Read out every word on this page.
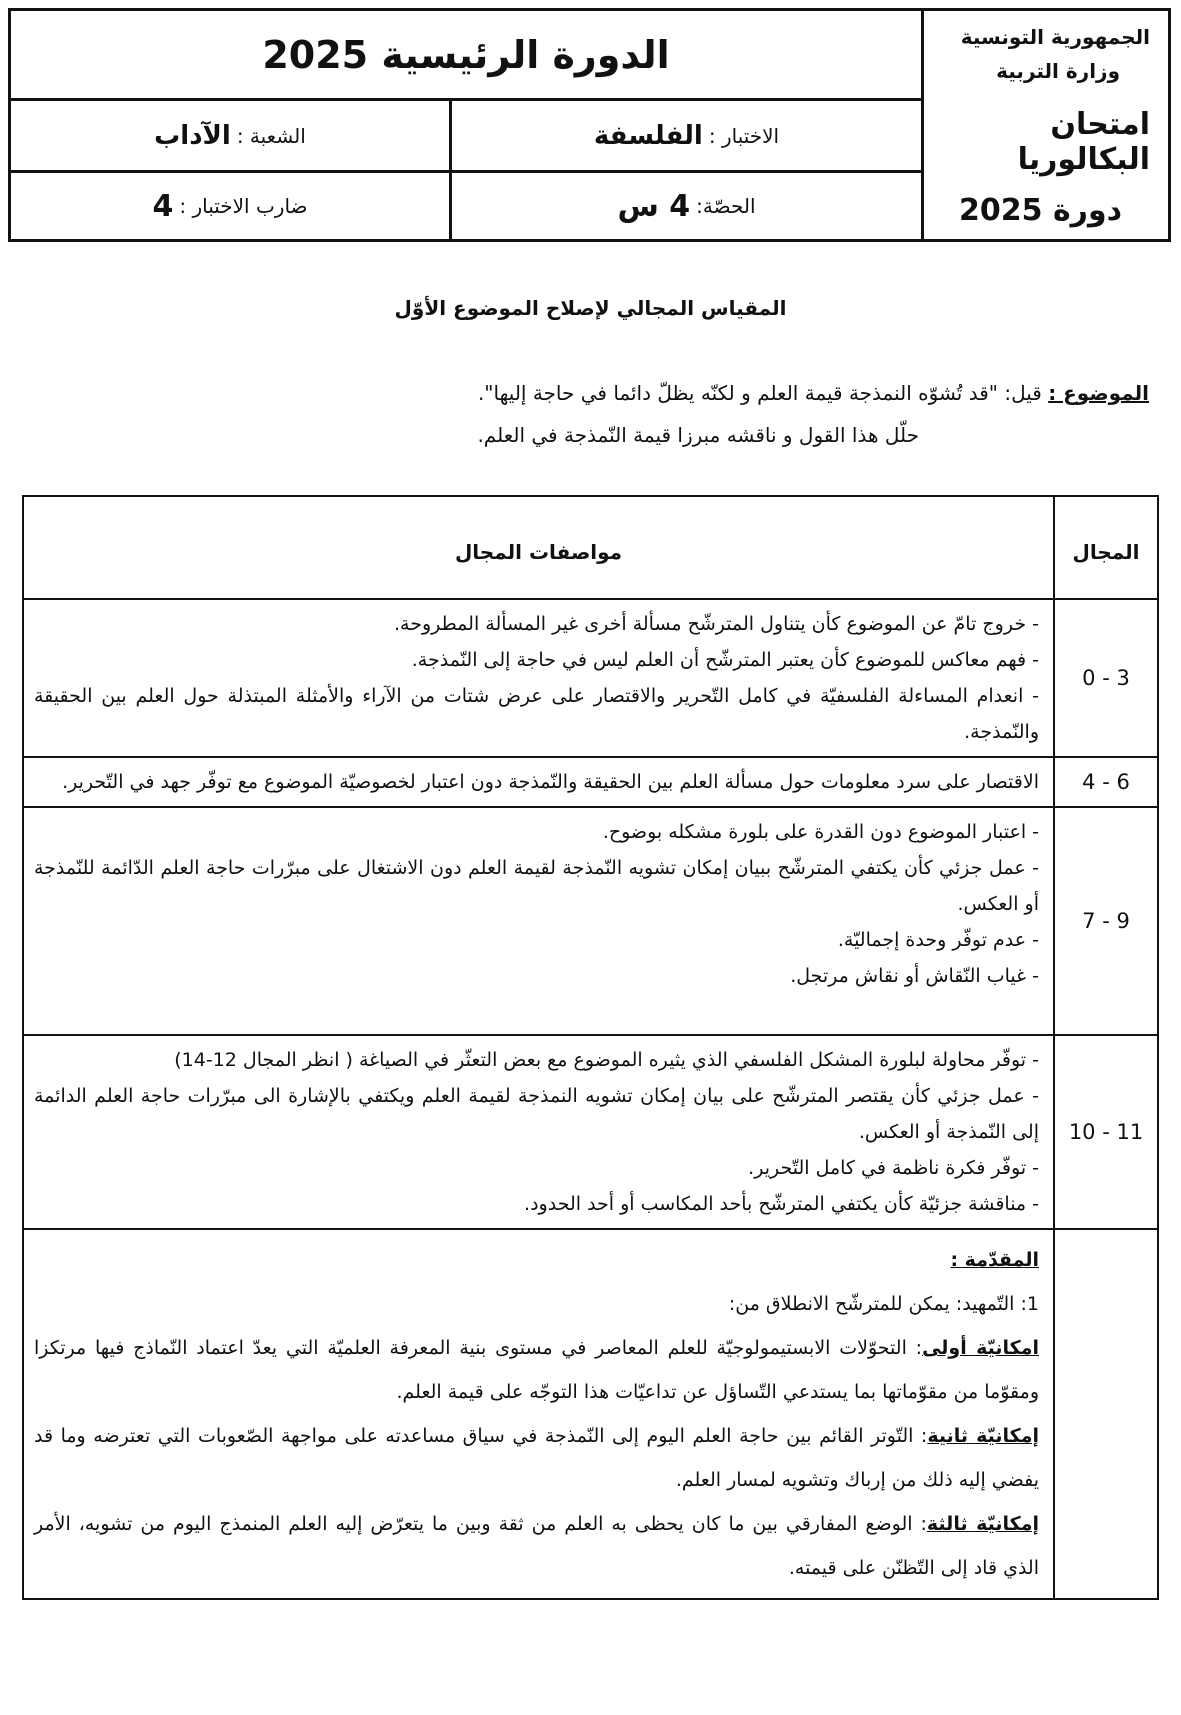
الجمهورية التونسية
وزارة التربية
امتحان البكالوريا
دورة 2025
الدورة الرئيسية 2025
الاختبار :
الفلسفة
الشعبة :
الآداب
الحصّة:
4 س
ضارب الاختبار :
4
المقياس المجالي لإصلاح الموضوع الأوّل
الموضوع : قيل: "قد تُشوّه النمذجة قيمة العلم و لكنّه يظلّ دائما في حاجة إليها".
حلّل هذا القول و ناقشه مبرزا قيمة النّمذجة في العلم.
المجال	مواصفات المجال
0 - 3	- خروج تامّ عن الموضوع كأن يتناول المترشّح مسألة أخرى غير المسألة المطروحة.

- فهم معاكس للموضوع كأن يعتبر المترشّح أن العلم ليس في حاجة إلى النّمذجة.

- انعدام المساءلة الفلسفيّة في كامل التّحرير والاقتصار على عرض شتات من الآراء والأمثلة المبتذلة حول العلم بين الحقيقة والنّمذجة.

4 - 6	الاقتصار على سرد معلومات حول مسألة العلم بين الحقيقة والنّمذجة دون اعتبار لخصوصيّة الموضوع مع توفّر جهد في التّحرير.

7 - 9	- اعتبار الموضوع دون القدرة على بلورة مشكله بوضوح.

- عمل جزئي كأن يكتفي المترشّح ببيان إمكان تشويه النّمذجة لقيمة العلم دون الاشتغال على مبرّرات حاجة العلم الدّائمة للنّمذجة أو العكس.

- عدم توفّر وحدة إجماليّة.

- غياب النّقاش أو نقاش مرتجل.

10 - 11	- توفّر محاولة لبلورة المشكل الفلسفي الذي يثيره الموضوع مع بعض التعثّر في الصياغة ( انظر المجال 12-14)

- عمل جزئي كأن يقتصر المترشّح على بيان إمكان تشويه النمذجة لقيمة العلم ويكتفي بالإشارة الى مبرّرات حاجة العلم الدائمة إلى النّمذجة أو العكس.

- توفّر فكرة ناظمة في كامل التّحرير.

- مناقشة جزئيّة كأن يكتفي المترشّح بأحد المكاسب أو أحد الحدود.

	المقدّمة :

1: التّمهيد: يمكن للمترشّح الانطلاق من:

امكانيّة أولى: التحوّلات الابستيمولوجيّة للعلم المعاصر في مستوى بنية المعرفة العلميّة التي يعدّ اعتماد النّماذج فيها مرتكزا ومقوّما من مقوّماتها بما يستدعي التّساؤل عن تداعيّات هذا التوجّه على قيمة العلم.

إمكانيّة ثانية: التّوتر القائم بين حاجة العلم اليوم إلى النّمذجة في سياق مساعدته على مواجهة الصّعوبات التي تعترضه وما قد يفضي إليه ذلك من إرباك وتشويه لمسار العلم.

إمكانيّة ثالثة: الوضع المفارقي بين ما كان يحظى به العلم من ثقة وبين ما يتعرّض إليه العلم المنمذج اليوم من تشويه، الأمر الذي قاد إلى التّظنّن على قيمته.
